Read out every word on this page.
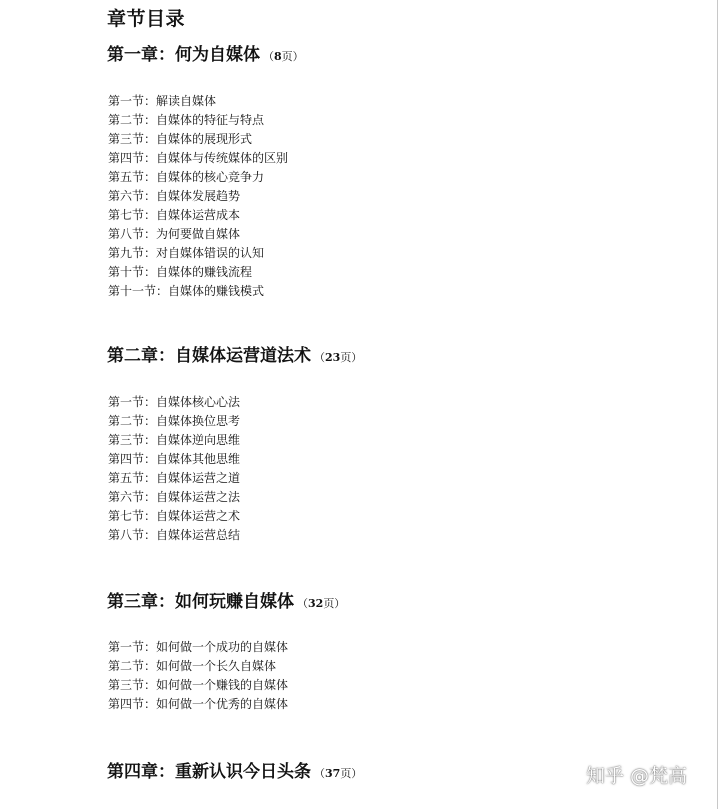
章节目录
第一章：何为自媒体 （8页）
第一节：解读自媒体
第二节：自媒体的特征与特点
第三节：自媒体的展现形式
第四节：自媒体与传统媒体的区别
第五节：自媒体的核心竞争力
第六节：自媒体发展趋势
第七节：自媒体运营成本
第八节：为何要做自媒体
第九节：对自媒体错误的认知
第十节：自媒体的赚钱流程
第十一节：自媒体的赚钱模式
第二章：自媒体运营道法术 （23页）
第一节：自媒体核心心法
第二节：自媒体换位思考
第三节：自媒体逆向思维
第四节：自媒体其他思维
第五节：自媒体运营之道
第六节：自媒体运营之法
第七节：自媒体运营之术
第八节：自媒体运营总结
第三章：如何玩赚自媒体 （32页）
第一节：如何做一个成功的自媒体
第二节：如何做一个长久自媒体
第三节：如何做一个赚钱的自媒体
第四节：如何做一个优秀的自媒体
第四章：重新认识今日头条 （37页）	知乎 @梵高
